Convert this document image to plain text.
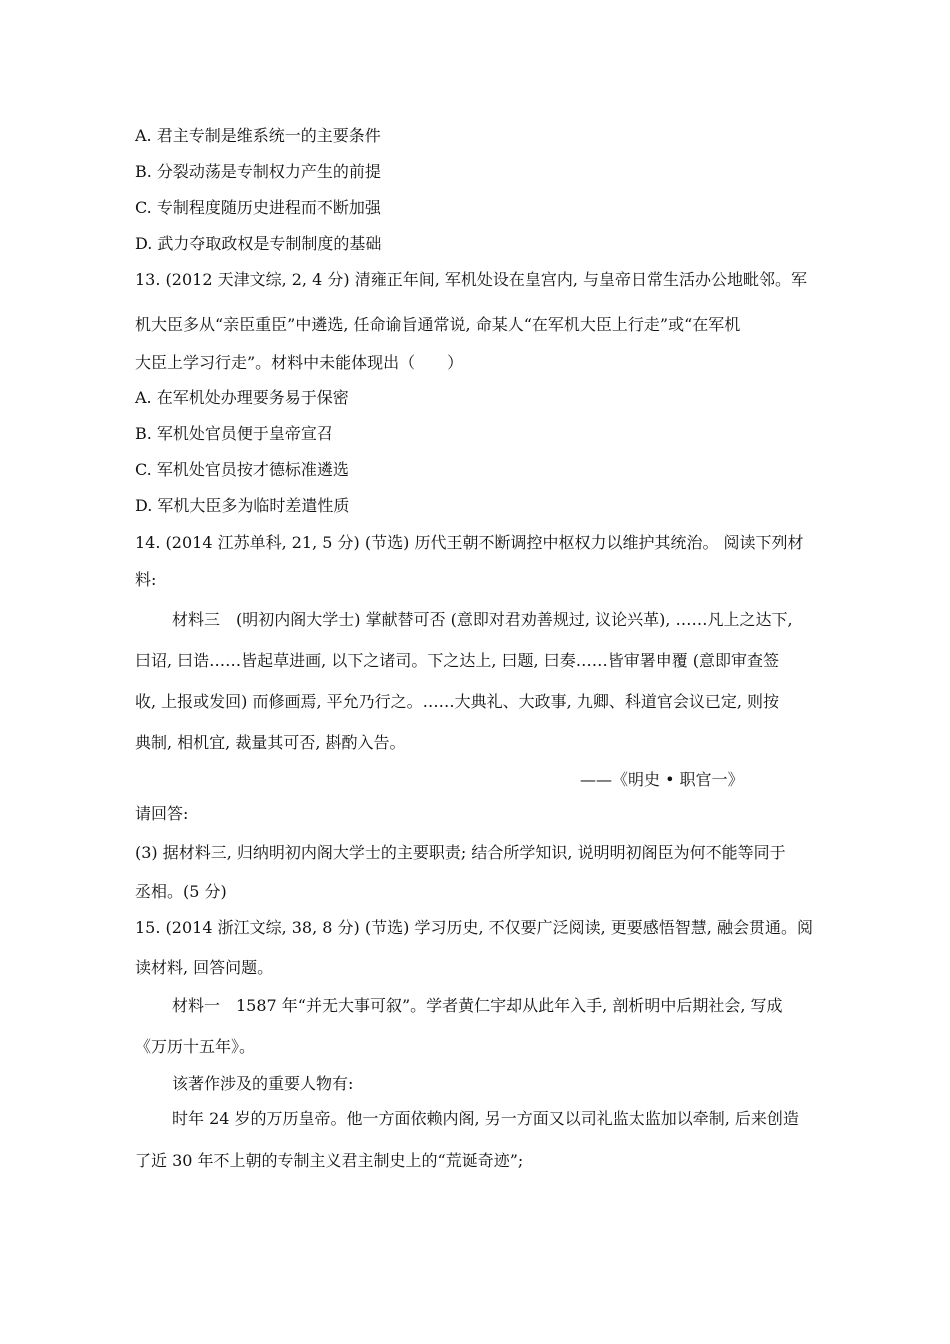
A. 君主专制是维系统一的主要条件
B. 分裂动荡是专制权力产生的前提
C. 专制程度随历史进程而不断加强
D. 武力夺取政权是专制制度的基础
13. (2012 天津文综, 2, 4 分) 清雍正年间, 军机处设在皇宫内, 与皇帝日常生活办公地毗邻。军
机大臣多从“亲臣重臣”中遴选, 任命谕旨通常说, 命某人“在军机大臣上行走”或“在军机
大臣上学习行走”。材料中未能体现出（　　）
A. 在军机处办理要务易于保密
B. 军机处官员便于皇帝宣召
C. 军机处官员按才德标准遴选
D. 军机大臣多为临时差遣性质
14. (2014 江苏单科, 21, 5 分) (节选) 历代王朝不断调控中枢权力以维护其统治。 阅读下列材
料:
材料三　(明初内阁大学士) 掌献替可否 (意即对君劝善规过, 议论兴革), ……凡上之达下,
曰诏, 曰诰……皆起草进画, 以下之诸司。下之达上, 曰题, 曰奏……皆审署申覆 (意即审查签
收, 上报或发回) 而修画焉, 平允乃行之。……大典礼、大政事, 九卿、科道官会议已定, 则按
典制, 相机宜, 裁量其可否, 斟酌入告。
——《明史 • 职官一》
请回答:
(3) 据材料三, 归纳明初内阁大学士的主要职责; 结合所学知识, 说明明初阁臣为何不能等同于
丞相。(5 分)
15. (2014 浙江文综, 38, 8 分) (节选) 学习历史, 不仅要广泛阅读, 更要感悟智慧, 融会贯通。阅
读材料, 回答问题。
材料一　1587 年“并无大事可叙”。学者黄仁宇却从此年入手, 剖析明中后期社会, 写成
《万历十五年》。
该著作涉及的重要人物有:
时年 24 岁的万历皇帝。他一方面依赖内阁, 另一方面又以司礼监太监加以牵制, 后来创造
了近 30 年不上朝的专制主义君主制史上的“荒诞奇迹”;
